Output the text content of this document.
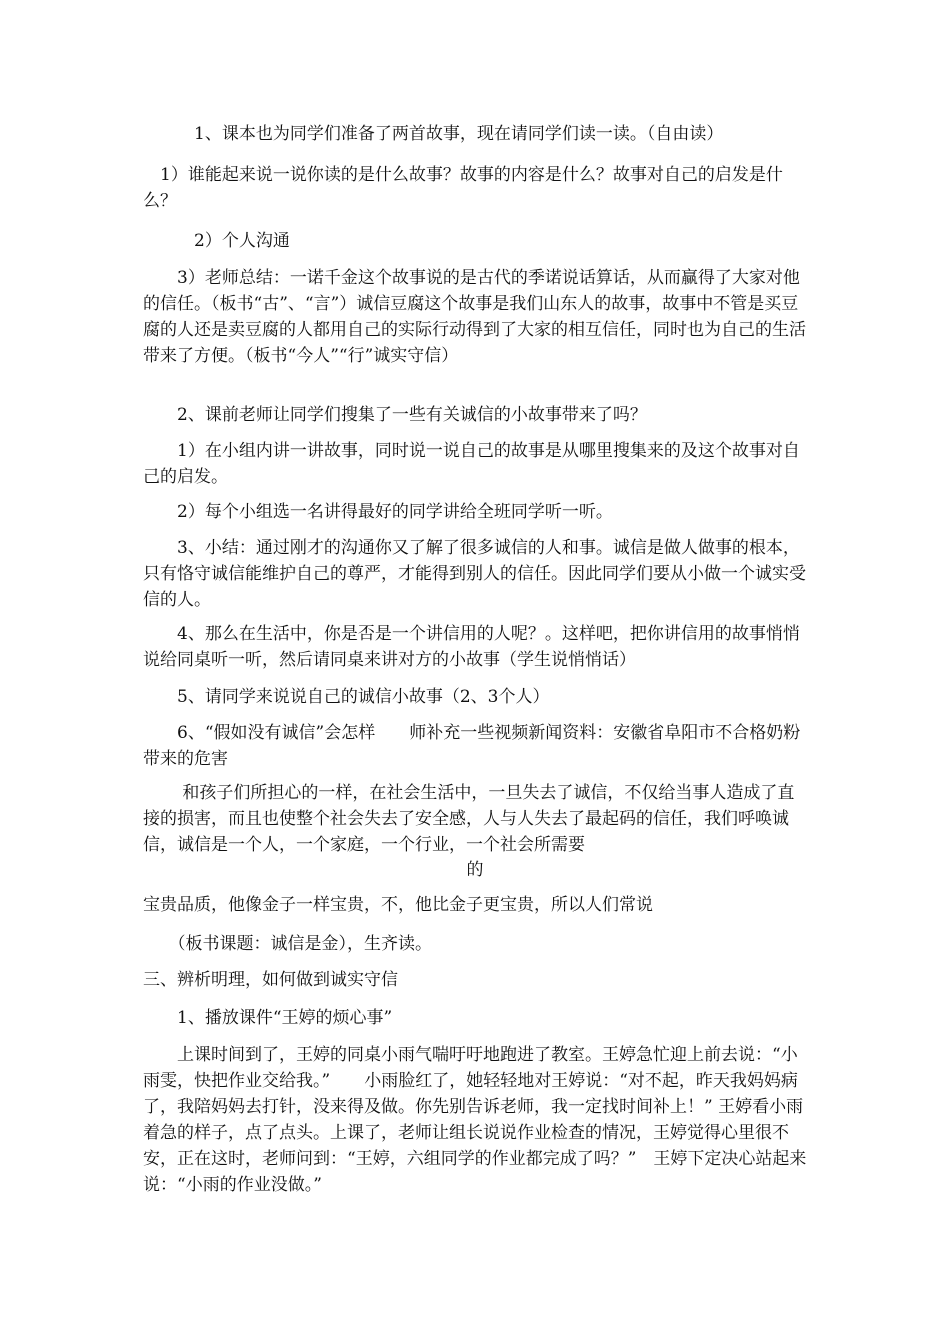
　　　1、课本也为同学们准备了两首故事，现在请同学们读一读。（自由读）

　1）谁能起来说一说你读的是什么故事？故事的内容是什么？故事对自己的启发是什么？

　　　2）个人沟通

　　3）老师总结：一诺千金这个故事说的是古代的季诺说话算话，从而赢得了大家对他的信任。（板书“古”、“言”）诚信豆腐这个故事是我们山东人的故事，故事中不管是买豆腐的人还是卖豆腐的人都用自己的实际行动得到了大家的相互信任，同时也为自己的生活带来了方便。（板书“今人”“行”诚实守信）

　　2、课前老师让同学们搜集了一些有关诚信的小故事带来了吗？

　　1）在小组内讲一讲故事，同时说一说自己的故事是从哪里搜集来的及这个故事对自己的启发。

　　2）每个小组选一名讲得最好的同学讲给全班同学听一听。

　　3、小结：通过刚才的沟通你又了解了很多诚信的人和事。诚信是做人做事的根本，只有恪守诚信能维护自己的尊严，才能得到别人的信任。因此同学们要从小做一个诚实受信的人。

　　4、那么在生活中，你是否是一个讲信用的人呢？。这样吧，把你讲信用的故事悄悄说给同桌听一听，然后请同桌来讲对方的小故事（学生说悄悄话）

　　5、请同学来说说自己的诚信小故事（2、3个人）

　　6、“假如没有诚信”会怎样　　师补充一些视频新闻资料：安徽省阜阳市不合格奶粉带来的危害

　　 和孩子们所担心的一样，在社会生活中，一旦失去了诚信，不仅给当事人造成了直接的损害，而且也使整个社会失去了安全感，人与人失去了最起码的信任，我们呼唤诚信，诚信是一个人，一个家庭，一个行业，一个社会所需要

的

宝贵品质，他像金子一样宝贵，不，他比金子更宝贵，所以人们常说

　　（板书课题：诚信是金），生齐读。

三、辨析明理，如何做到诚实守信

　　1、播放课件“王婷的烦心事”

　　上课时间到了，王婷的同桌小雨气喘吁吁地跑进了教室。王婷急忙迎上前去说：“小雨雯，快把作业交给我。”　　小雨脸红了，她轻轻地对王婷说：“对不起，昨天我妈妈病了，我陪妈妈去打针，没来得及做。你先别告诉老师，我一定找时间补上！” 王婷看小雨着急的样子，点了点头。上课了，老师让组长说说作业检查的情况，王婷觉得心里很不安，正在这时，老师问到：“王婷，六组同学的作业都完成了吗？”　王婷下定决心站起来说：“小雨的作业没做。”
